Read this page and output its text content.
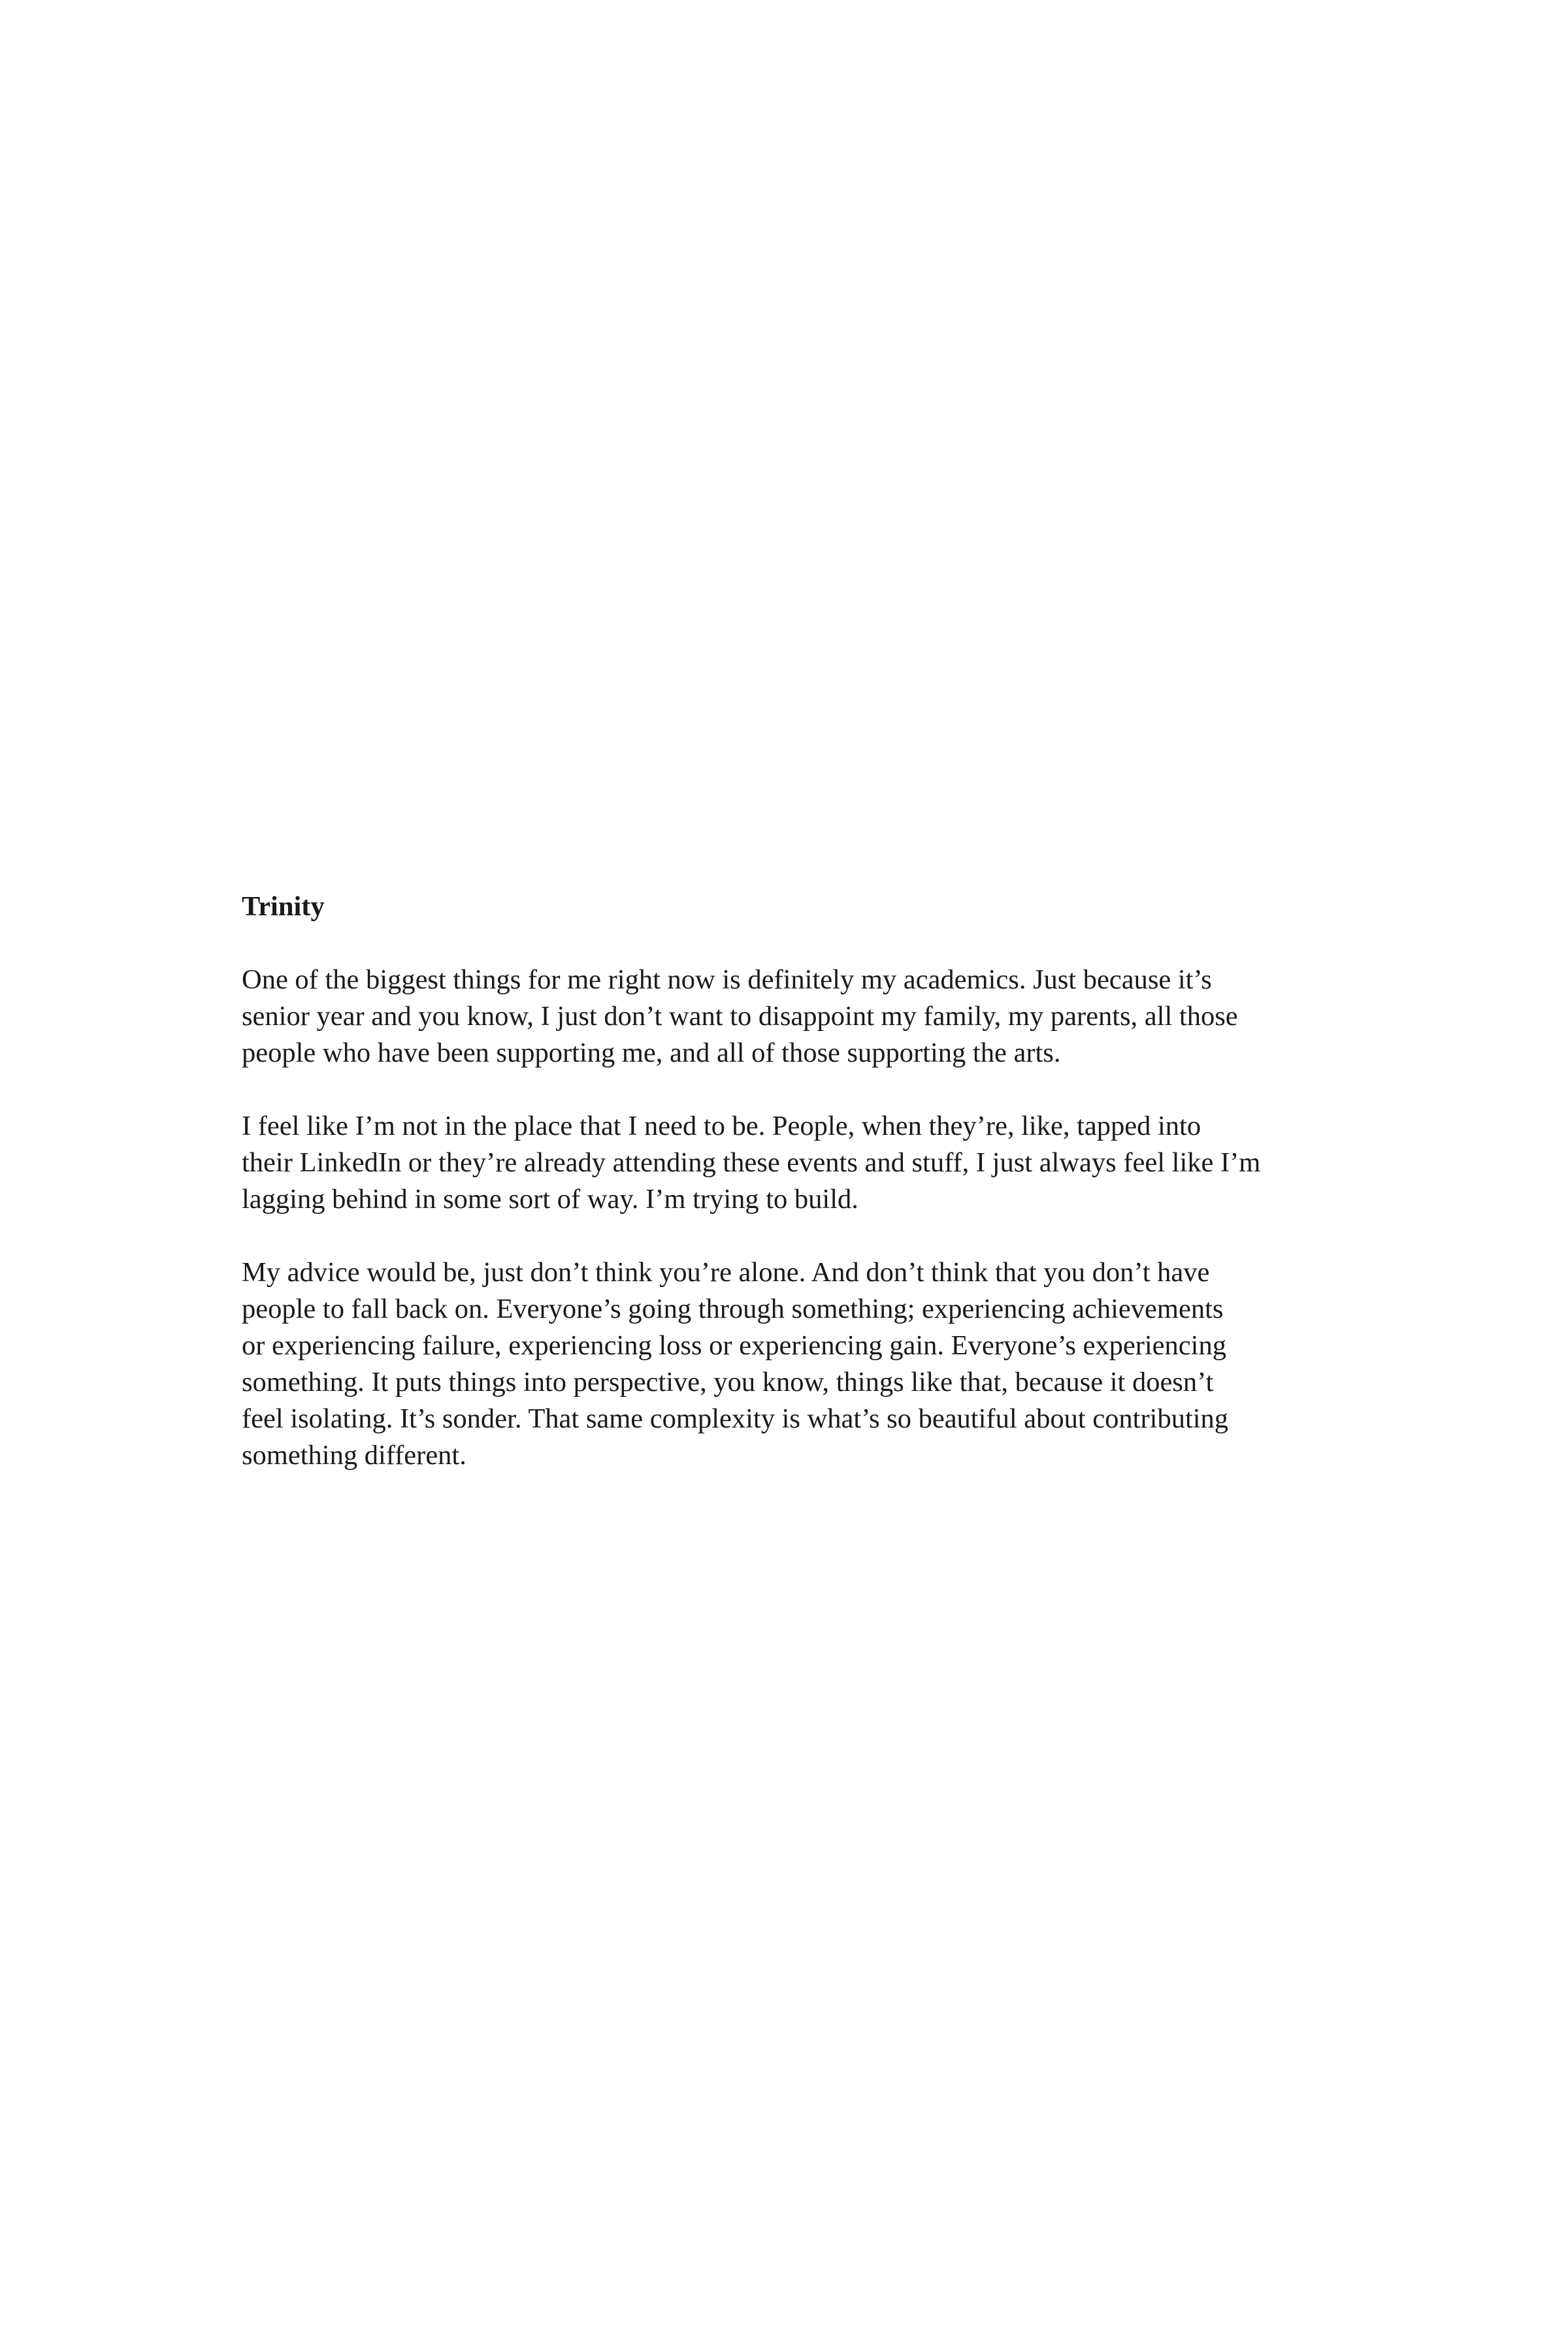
Trinity
One of the biggest things for me right now is definitely my academics. Just because it’s
senior year and you know, I just don’t want to disappoint my family, my parents, all those
people who have been supporting me, and all of those supporting the arts.
I feel like I’m not in the place that I need to be. People, when they’re, like, tapped into
their LinkedIn or they’re already attending these events and stuff, I just always feel like I’m
lagging behind in some sort of way. I’m trying to build.
My advice would be, just don’t think you’re alone. And don’t think that you don’t have
people to fall back on. Everyone’s going through something; experiencing achievements
or experiencing failure, experiencing loss or experiencing gain. Everyone’s experiencing
something. It puts things into perspective, you know, things like that, because it doesn’t
feel isolating. It’s sonder. That same complexity is what’s so beautiful about contributing
something different.
